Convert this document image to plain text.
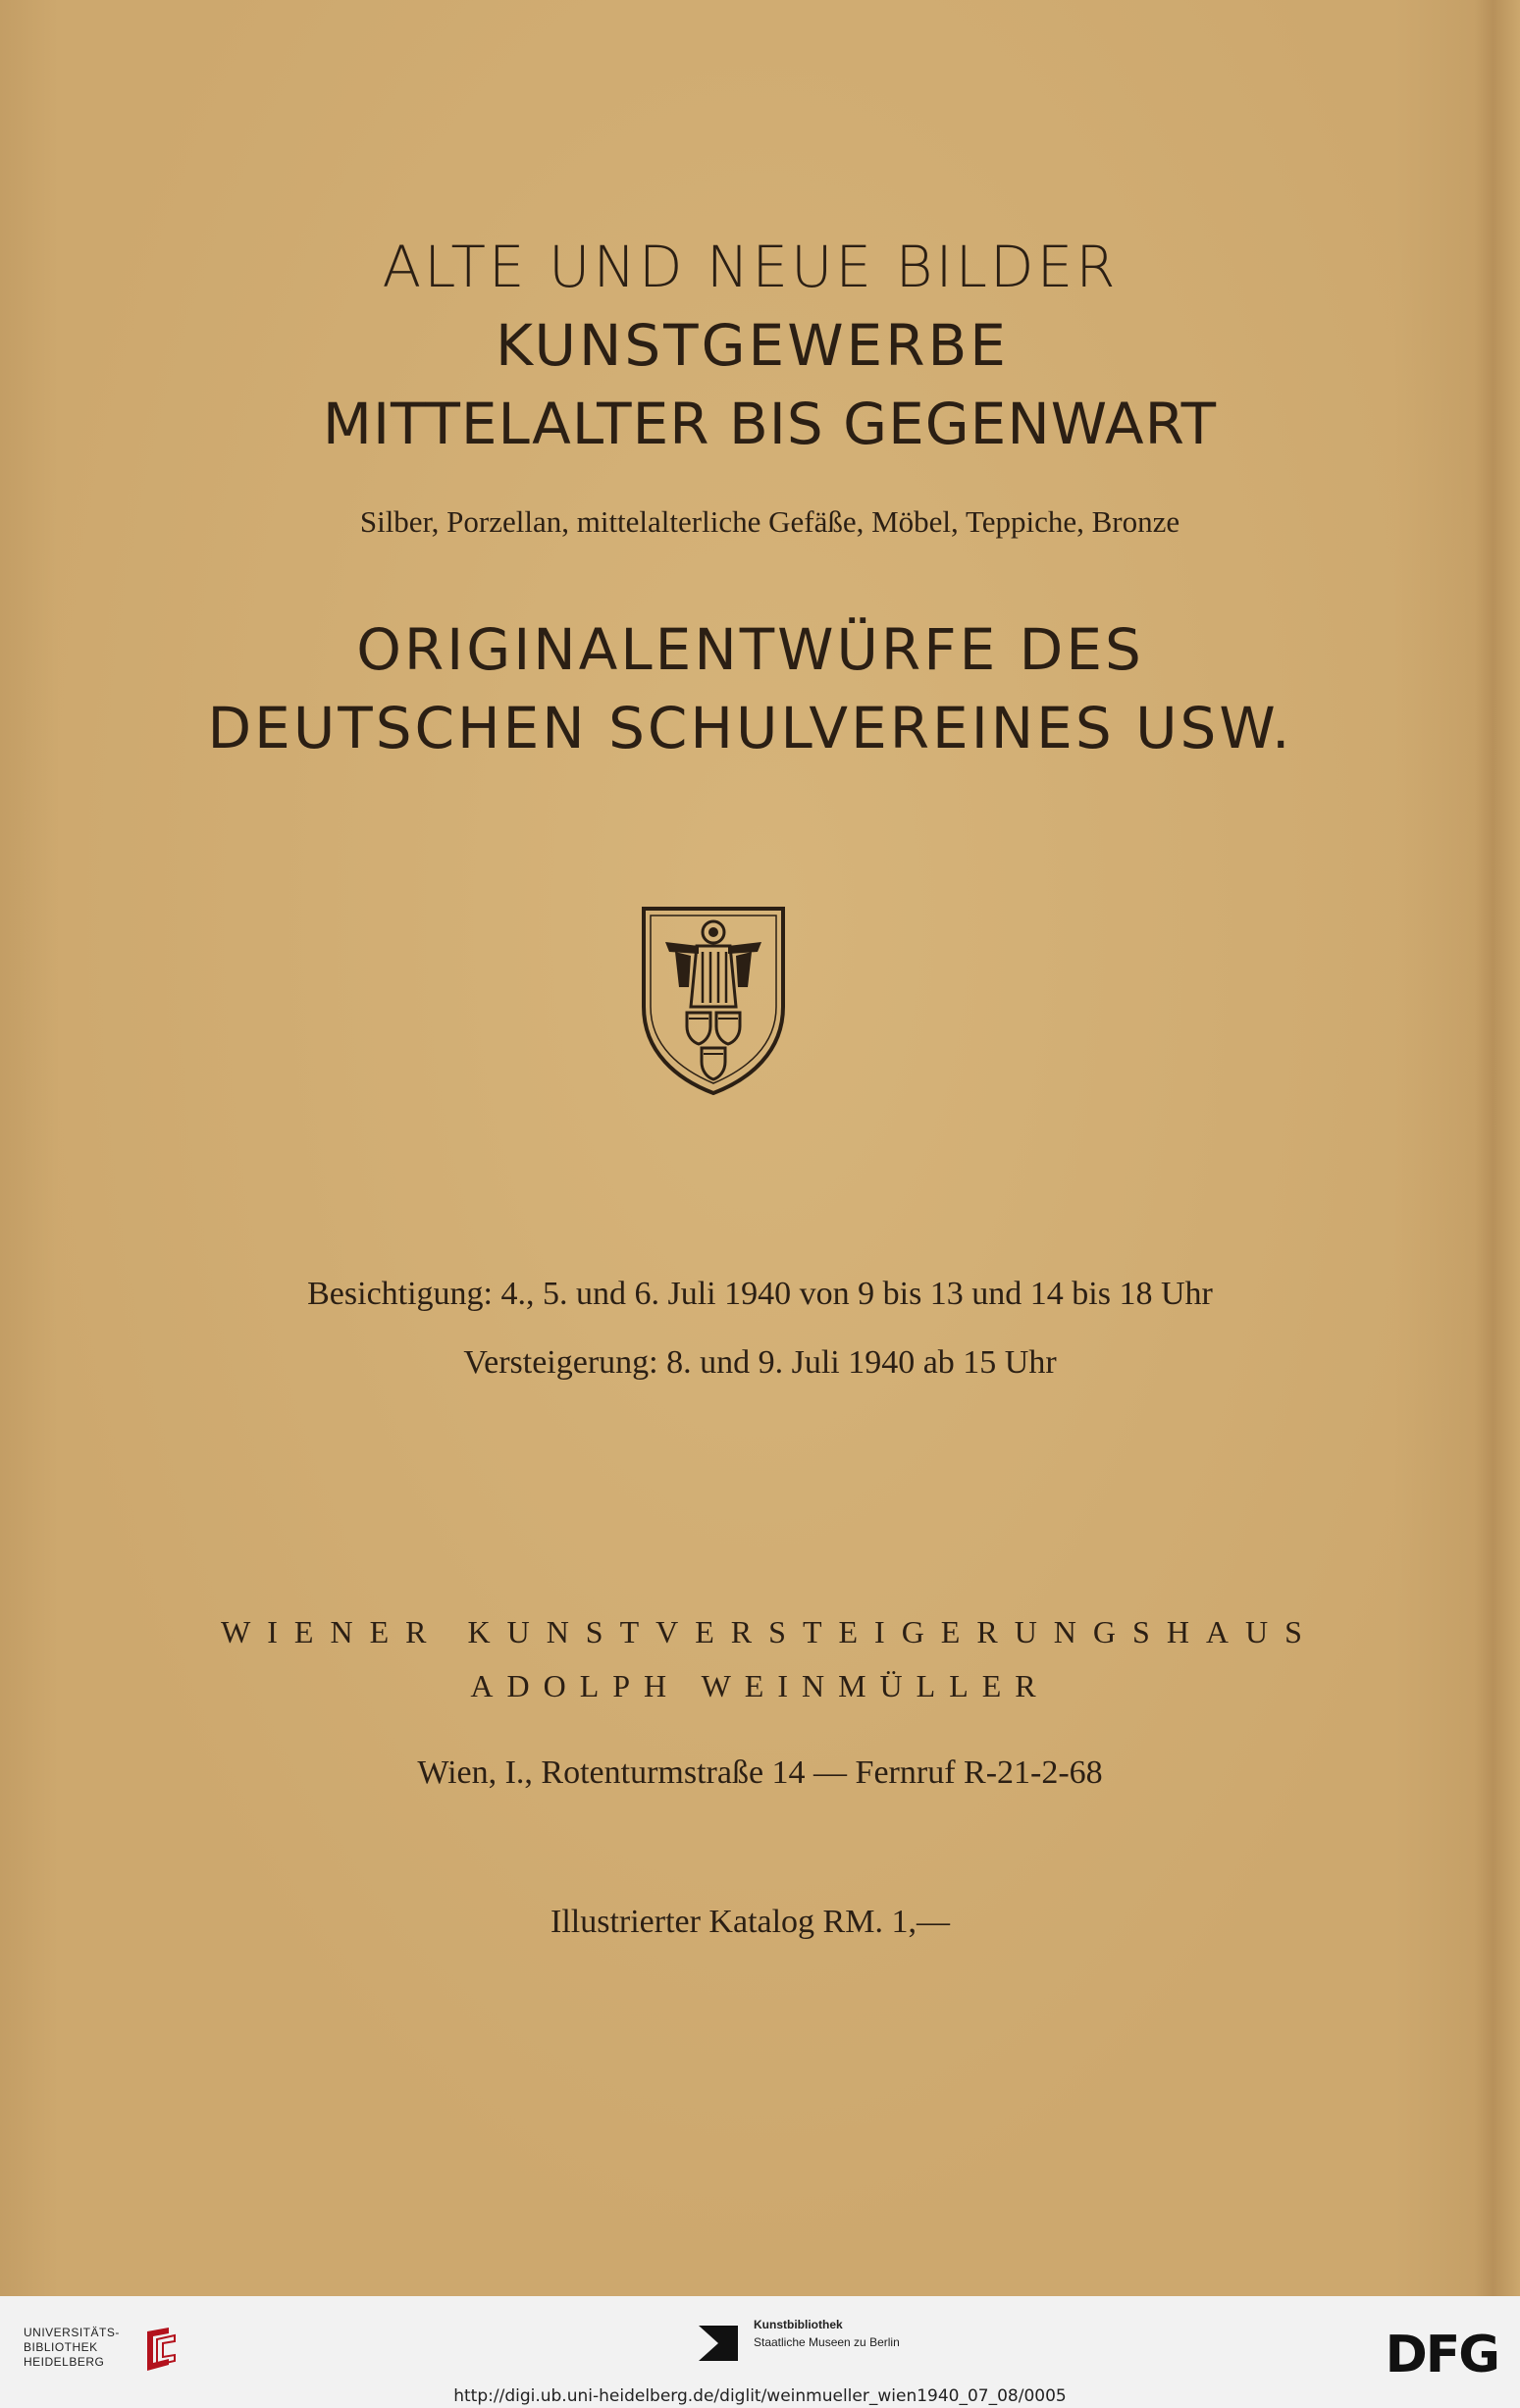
ALTE UND NEUE BILDER
KUNSTGEWERBE
MITTELALTER BIS GEGENWART
Silber, Porzellan, mittelalterliche Gefäße, Möbel, Teppiche, Bronze
ORIGINALENTWÜRFE DES
DEUTSCHEN SCHULVEREINES USW.
Besichtigung: 4., 5. und 6. Juli 1940 von 9 bis 13 und 14 bis 18 Uhr
Versteigerung: 8. und 9. Juli 1940 ab 15 Uhr
WIENER KUNSTVERSTEIGERUNGSHAUS
ADOLPH WEINMÜLLER
Wien, I., Rotenturmstraße 14 — Fernruf R-21-2-68
Illustrierter Katalog RM. 1,—
UNIVERSITÄTS-
BIBLIOTHEK
HEIDELBERG
Kunstbibliothek
Staatliche Museen zu Berlin	DFG
http://digi.ub.uni-heidelberg.de/diglit/weinmueller_wien1940_07_08/0005
